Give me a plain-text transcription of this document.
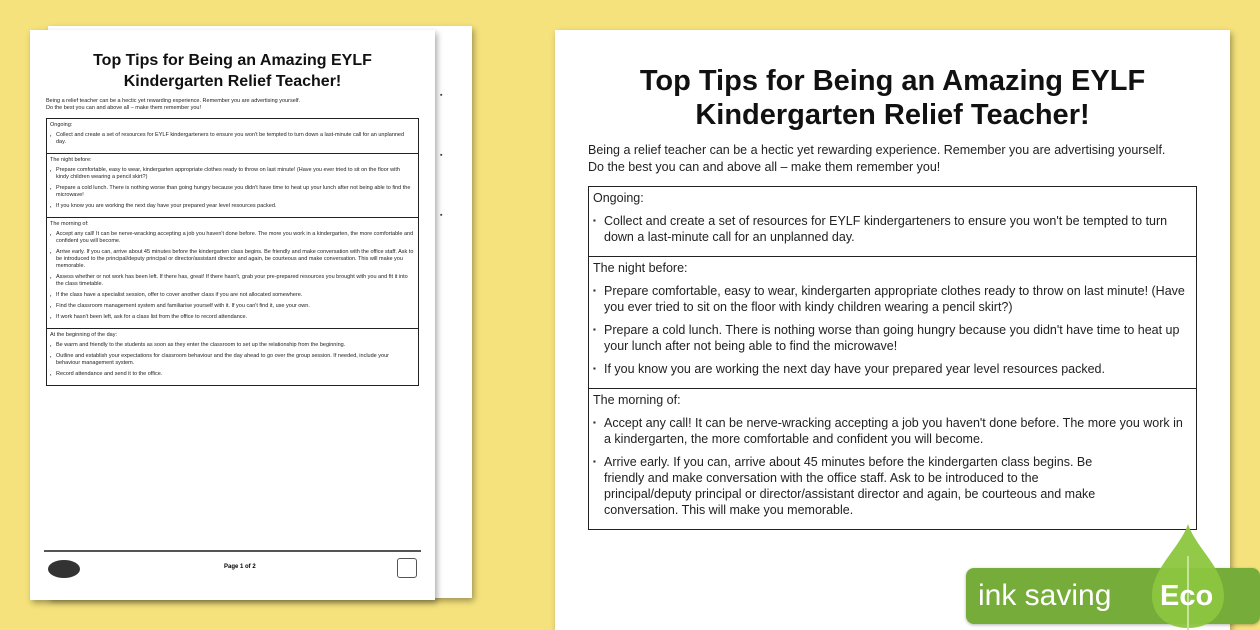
▪
▪
▪
Top Tips for Being an Amazing EYLF
Kindergarten Relief Teacher!
Being a relief teacher can be a hectic yet rewarding experience. Remember you are advertising yourself.
Do the best you can and above all – make them remember you!
Ongoing:
▪ Collect and create a set of resources for EYLF kindergarteners to ensure you won't be tempted to turn down a last-minute call for an unplanned day.
The night before:
▪ Prepare comfortable, easy to wear, kindergarten appropriate clothes ready to throw on last minute! (Have you ever tried to sit on the floor with kindy children wearing a pencil skirt?)
▪ Prepare a cold lunch. There is nothing worse than going hungry because you didn't have time to heat up your lunch after not being able to find the microwave!
▪ If you know you are working the next day have your prepared year level resources packed.
The morning of:
▪ Accept any call! It can be nerve-wracking accepting a job you haven't done before. The more you work in a kindergarten, the more comfortable and confident you will become.
▪ Arrive early. If you can, arrive about 45 minutes before the kindergarten class begins. Be friendly and make conversation with the office staff. Ask to be introduced to the principal/deputy principal or director/assistant director and again, be courteous and make conversation. This will make you memorable.
▪ Assess whether or not work has been left. If there has, great! If there hasn't, grab your pre-prepared resources you brought with you and fit it into the class timetable.
▪ If the class have a specialist session, offer to cover another class if you are not allocated somewhere.
▪ Find the classroom management system and familiarise yourself with it. If you can't find it, use your own.
▪ If work hasn't been left, ask for a class list from the office to record attendance.
At the beginning of the day:
▪ Be warm and friendly to the students as soon as they enter the classroom to set up the relationship from the beginning.
▪ Outline and establish your expectations for classroom behaviour and the day ahead to go over the group session. If needed, include your behaviour management system.
▪ Record attendance and send it to the office.
Page 1 of 2
Top Tips for Being an Amazing EYLF
Kindergarten Relief Teacher!
Being a relief teacher can be a hectic yet rewarding experience. Remember you are advertising yourself.
Do the best you can and above all – make them remember you!
Ongoing:
▪ Collect and create a set of resources for EYLF kindergarteners to ensure you won't be tempted to turn down a last-minute call for an unplanned day.
The night before:
▪ Prepare comfortable, easy to wear, kindergarten appropriate clothes ready to throw on last minute! (Have you ever tried to sit on the floor with kindy children wearing a pencil skirt?)
▪ Prepare a cold lunch. There is nothing worse than going hungry because you didn't have time to heat up your lunch after not being able to find the microwave!
▪ If you know you are working the next day have your prepared year level resources packed.
The morning of:
▪ Accept any call! It can be nerve-wracking accepting a job you haven't done before. The more you work in a kindergarten, the more comfortable and confident you will become.
▪ Arrive early. If you can, arrive about 45 minutes before the kindergarten class begins. Be friendly and make conversation with the office staff. Ask to be introduced to the principal/deputy principal or director/assistant director and again, be courteous and make conversation. This will make you memorable.
ink saving Eco
